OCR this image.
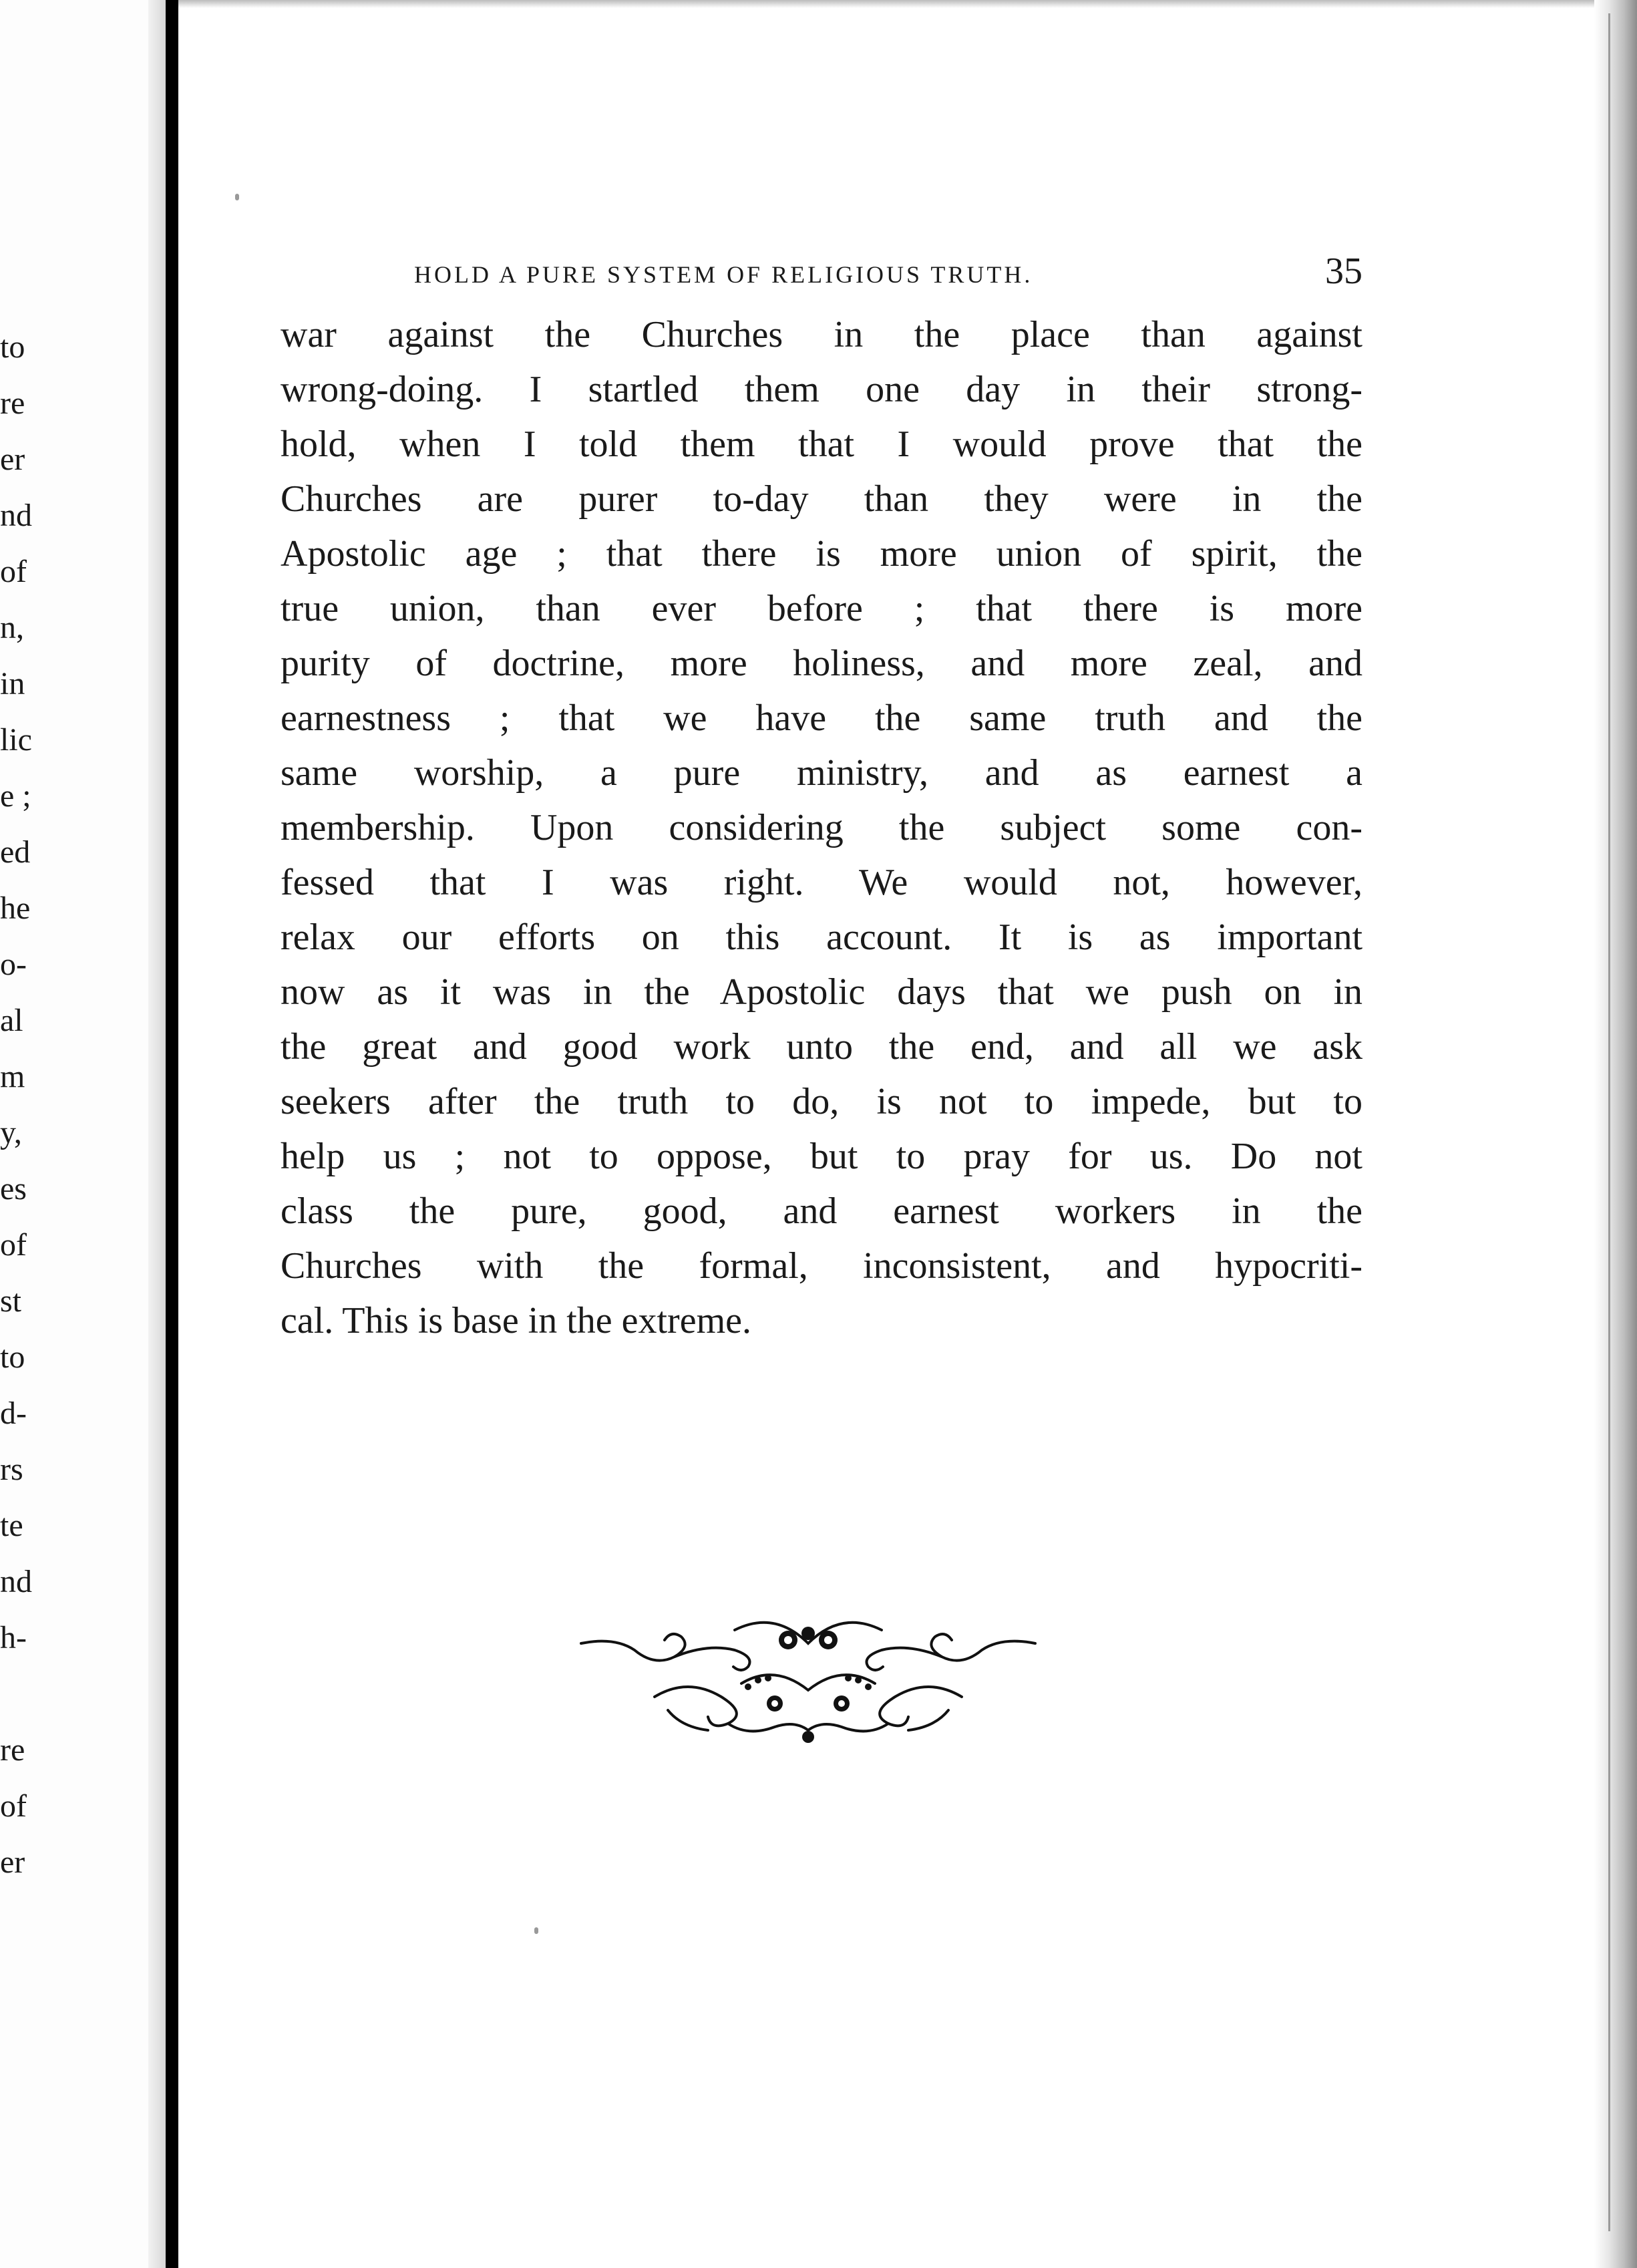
to
re
er
nd
of
n,
in
lic
e ;
ed
he
o-
al
m
y,
es
of
st
to
d-
rs
te
nd
h-
re
of
er
HOLD A PURE SYSTEM OF RELIGIOUS TRUTH.	35
war against the Churches in the place than against
wrong-doing. I startled them one day in their strong-
hold, when I told them that I would prove that the
Churches are purer to-day than they were in the
Apostolic age ; that there is more union of spirit, the
true union, than ever before ; that there is more
purity of doctrine, more holiness, and more zeal, and
earnestness ; that we have the same truth and the
same worship, a pure ministry, and as earnest a
membership. Upon considering the subject some con-
fessed that I was right. We would not, however,
relax our efforts on this account. It is as important
now as it was in the Apostolic days that we push on in
the great and good work unto the end, and all we ask
seekers after the truth to do, is not to impede, but to
help us ; not to oppose, but to pray for us. Do not
class the pure, good, and earnest workers in the
Churches with the formal, inconsistent, and hypocriti-
cal. This is base in the extreme.
